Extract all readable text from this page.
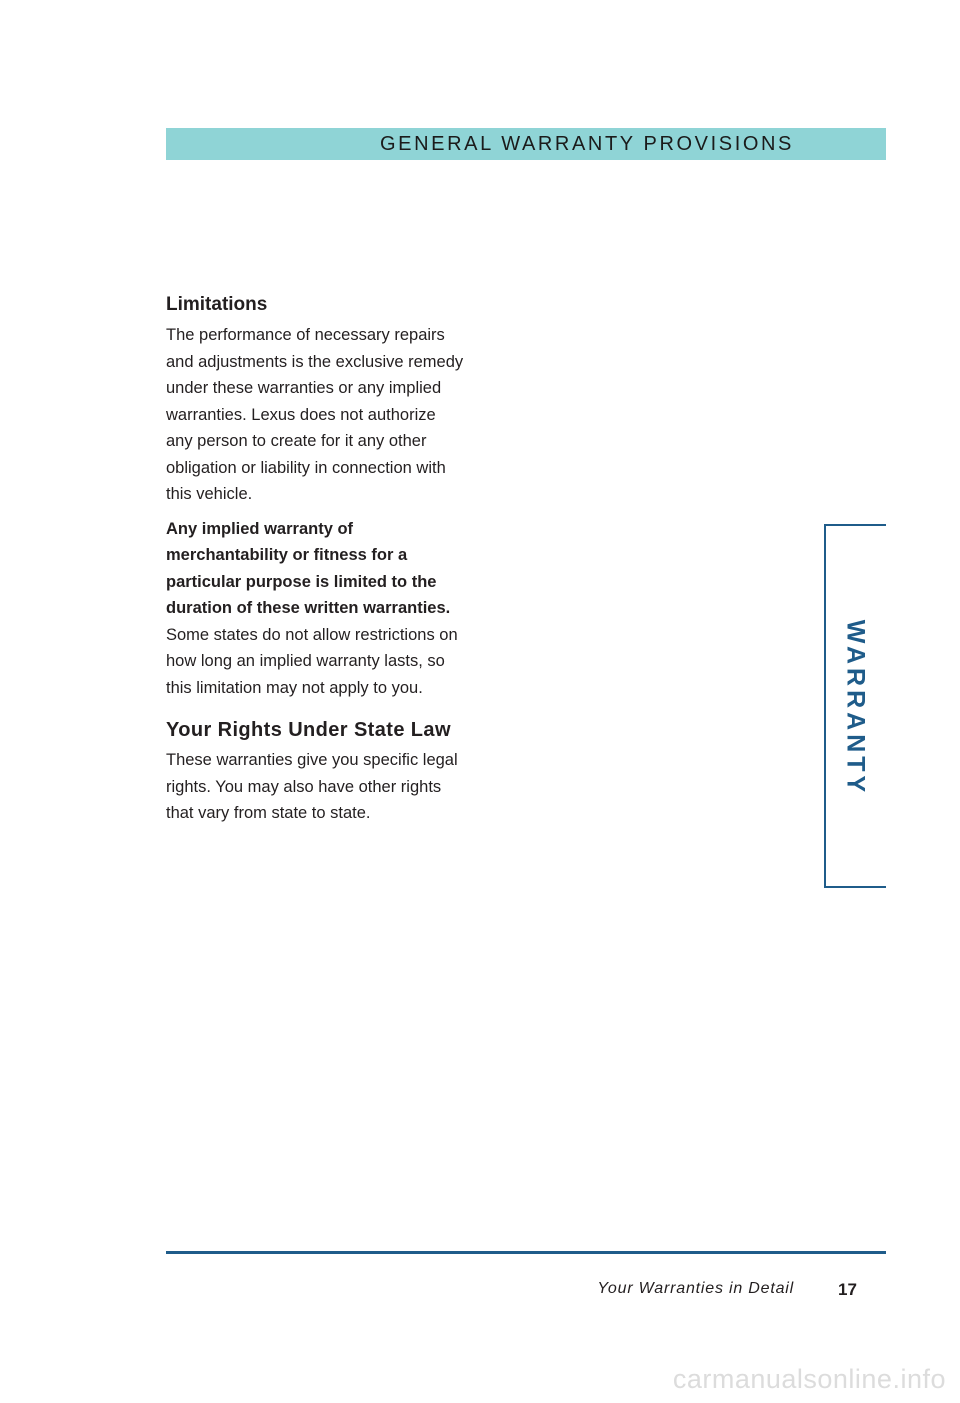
GENERAL WARRANTY PROVISIONS
Limitations

The performance of necessary repairs and adjustments is the exclusive remedy under these warranties or any implied warranties. Lexus does not authorize any person to create for it any other obligation or liability in connection with this vehicle.

Any implied warranty of merchantability or fitness for a particular purpose is limited to the duration of these written warranties. Some states do not allow restrictions on how long an implied warranty lasts, so this limitation may not apply to you.

Your Rights Under State Law

These warranties give you specific legal rights. You may also have other rights that vary from state to state.

WARRANTY
Your Warranties in Detail	17
carmanualsonline.info
